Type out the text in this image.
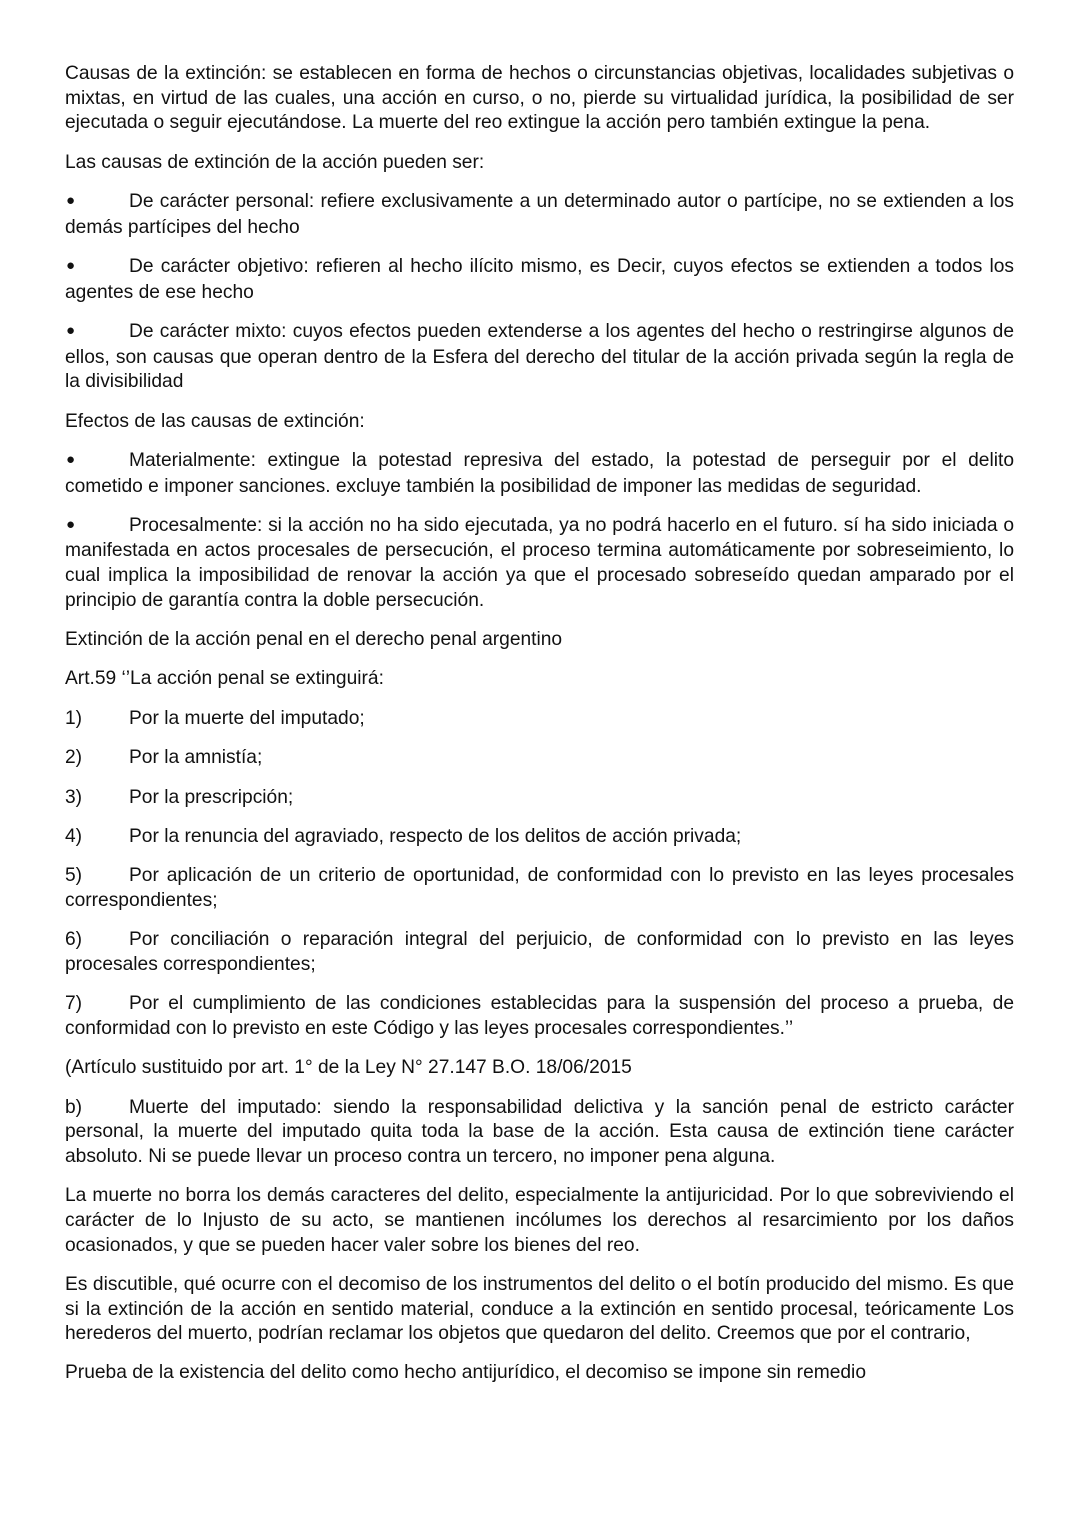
Causas de la extinción: se establecen en forma de hechos o circunstancias objetivas, localidades subjetivas o mixtas, en virtud de las cuales, una acción en curso, o no, pierde su virtualidad jurídica, la posibilidad de ser ejecutada o seguir ejecutándose. La muerte del reo extingue la acción pero también extingue la pena.

Las causas de extinción de la acción pueden ser:

●	De carácter personal: refiere exclusivamente a un determinado autor o partícipe, no se extienden a los demás partícipes del hecho

●	De carácter objetivo: refieren al hecho ilícito mismo, es Decir, cuyos efectos se extienden a todos los agentes de ese hecho

●	De carácter mixto: cuyos efectos pueden extenderse a los agentes del hecho o restringirse algunos de ellos, son causas que operan dentro de la Esfera del derecho del titular de la acción privada según la regla de la divisibilidad

Efectos de las causas de extinción:

●	Materialmente: extingue la potestad represiva del estado, la potestad de perseguir por el delito cometido e imponer sanciones. excluye también la posibilidad de imponer las medidas de seguridad.

●	Procesalmente: si la acción no ha sido ejecutada, ya no podrá hacerlo en el futuro. sí ha sido iniciada o manifestada en actos procesales de persecución, el proceso termina automáticamente por sobreseimiento, lo cual implica la imposibilidad de renovar la acción ya que el procesado sobreseído quedan amparado por el principio de garantía contra la doble persecución.

Extinción de la acción penal en el derecho penal argentino

Art.59 ‘’La acción penal se extinguirá:

1) Por la muerte del imputado;

2) Por la amnistía;

3) Por la prescripción;

4) Por la renuncia del agraviado, respecto de los delitos de acción privada;

5) Por aplicación de un criterio de oportunidad, de conformidad con lo previsto en las leyes procesales correspondientes;

6) Por conciliación o reparación integral del perjuicio, de conformidad con lo previsto en las leyes procesales correspondientes;

7) Por el cumplimiento de las condiciones establecidas para la suspensión del proceso a prueba, de conformidad con lo previsto en este Código y las leyes procesales correspondientes.’’

(Artículo sustituido por art. 1° de la Ley N° 27.147 B.O. 18/06/2015

b) Muerte del imputado: siendo la responsabilidad delictiva y la sanción penal de estricto carácter personal, la muerte del imputado quita toda la base de la acción. Esta causa de extinción tiene carácter absoluto. Ni se puede llevar un proceso contra un tercero, no imponer pena alguna.

La muerte no borra los demás caracteres del delito, especialmente la antijuricidad. Por lo que sobreviviendo el carácter de lo Injusto de su acto, se mantienen incólumes los derechos al resarcimiento por los daños ocasionados, y que se pueden hacer valer sobre los bienes del reo.

Es discutible, qué ocurre con el decomiso de los instrumentos del delito o el botín producido del mismo. Es que si la extinción de la acción en sentido material, conduce a la extinción en sentido procesal, teóricamente Los herederos del muerto, podrían reclamar los objetos que quedaron del delito. Creemos que por el contrario,

Prueba de la existencia del delito como hecho antijurídico, el decomiso se impone sin remedio
